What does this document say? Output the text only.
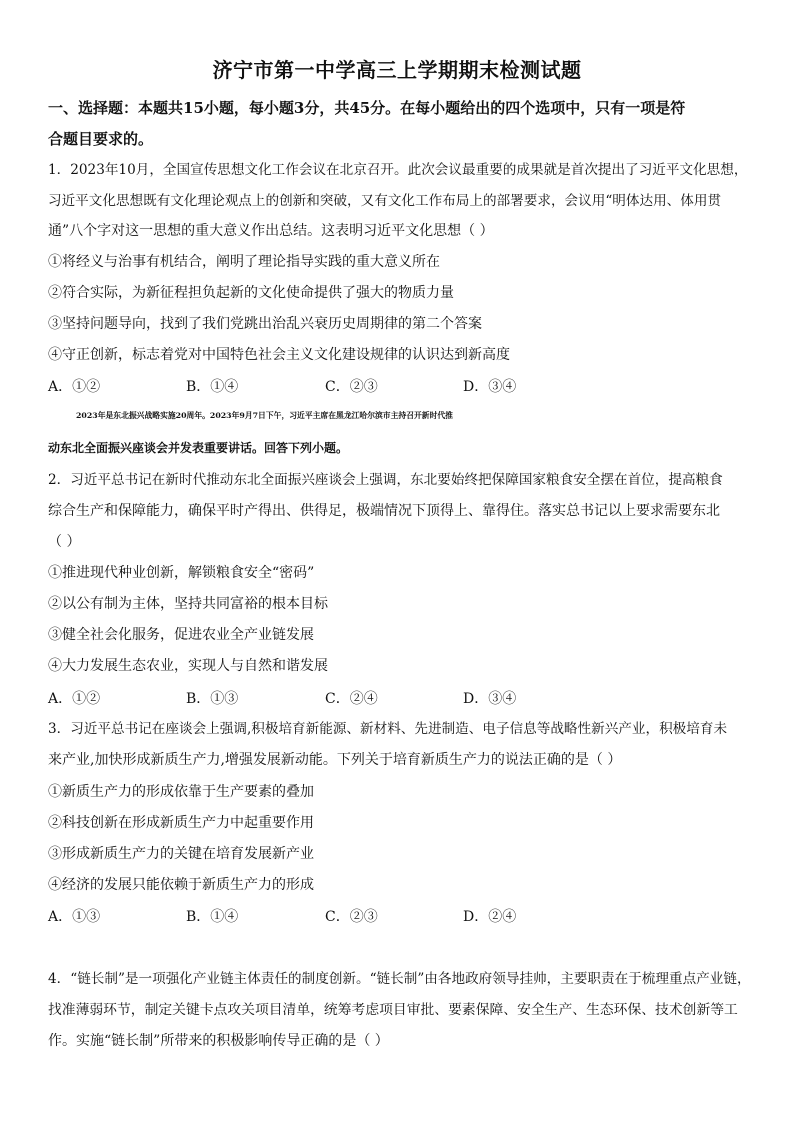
济宁市第一中学高三上学期期末检测试题
一、选择题：本题共15小题，每小题3分，共45分。在每小题给出的四个选项中，只有一项是符
合题目要求的。
1．2023年10月，全国宣传思想文化工作会议在北京召开。此次会议最重要的成果就是首次提出了习近平文化思想，
习近平文化思想既有文化理论观点上的创新和突破，又有文化工作布局上的部署要求，会议用“明体达用、体用贯
通”八个字对这一思想的重大意义作出总结。这表明习近平文化思想（ ）
①将经义与治事有机结合，阐明了理论指导实践的重大意义所在
②符合实际，为新征程担负起新的文化使命提供了强大的物质力量
③坚持问题导向，找到了我们党跳出治乱兴衰历史周期律的第二个答案
④守正创新，标志着党对中国特色社会主义文化建设规律的认识达到新高度
A．①②	B．①④	C．②③	D．③④
2023年是东北振兴战略实施20周年。2023年9月7日下午，习近平主席在黑龙江哈尔滨市主持召开新时代推
动东北全面振兴座谈会并发表重要讲话。回答下列小题。
2．习近平总书记在新时代推动东北全面振兴座谈会上强调，东北要始终把保障国家粮食安全摆在首位，提高粮食
综合生产和保障能力，确保平时产得出、供得足，极端情况下顶得上、靠得住。落实总书记以上要求需要东北
（ ）
①推进现代种业创新，解锁粮食安全“密码”
②以公有制为主体，坚持共同富裕的根本目标
③健全社会化服务，促进农业全产业链发展
④大力发展生态农业，实现人与自然和谐发展
A．①②	B．①③	C．②④	D．③④
3．习近平总书记在座谈会上强调,积极培育新能源、新材料、先进制造、电子信息等战略性新兴产业，积极培育未
来产业,加快形成新质生产力,增强发展新动能。下列关于培育新质生产力的说法正确的是（ ）
①新质生产力的形成依靠于生产要素的叠加
②科技创新在形成新质生产力中起重要作用
③形成新质生产力的关键在培育发展新产业
④经济的发展只能依赖于新质生产力的形成
A．①③	B．①④	C．②③	D．②④
4．“链长制”是一项强化产业链主体责任的制度创新。“链长制”由各地政府领导挂帅，主要职责在于梳理重点产业链，
找准薄弱环节，制定关键卡点攻关项目清单，统筹考虑项目审批、要素保障、安全生产、生态环保、技术创新等工
作。实施“链长制”所带来的积极影响传导正确的是（ ）
